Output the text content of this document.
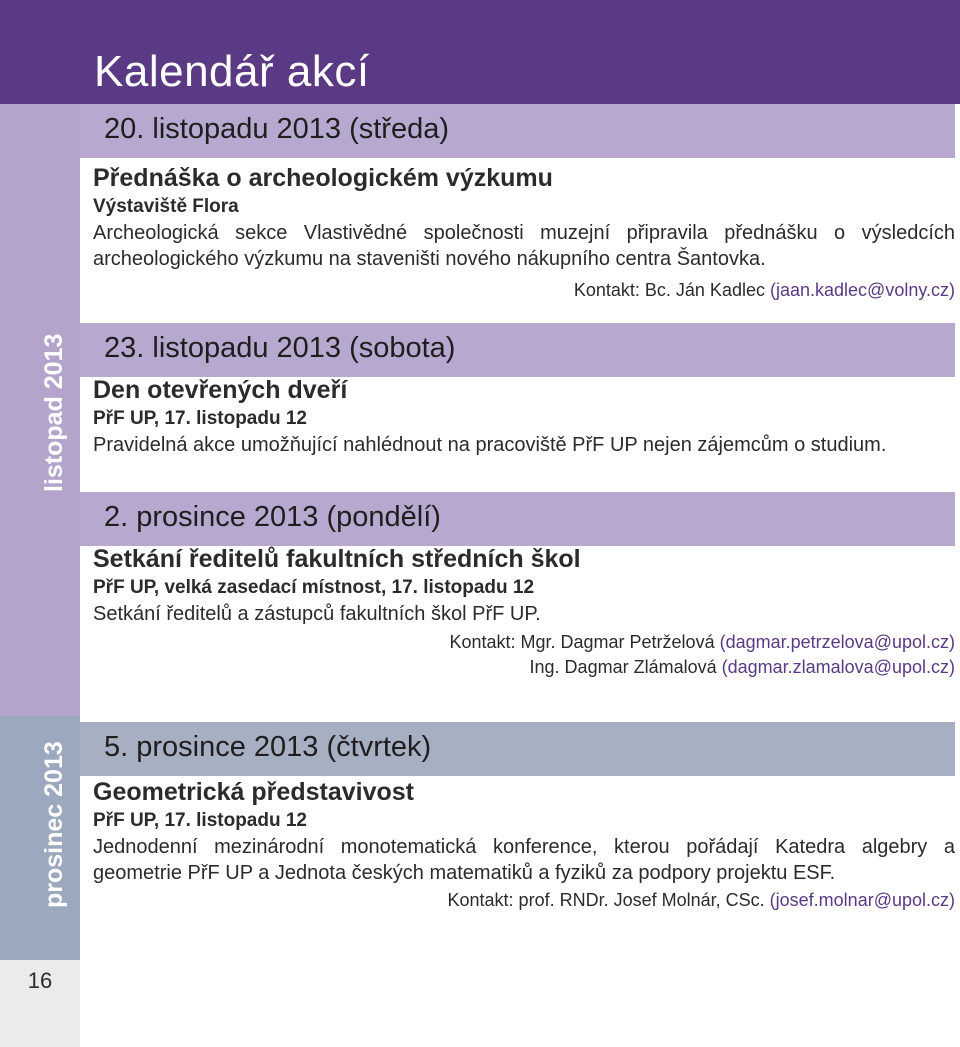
Kalendář akcí
listopad 2013
prosinec 2013
16
20. listopadu 2013 (středa)

Přednáška o archeologickém výzkumu

Výstaviště Flora

Archeologická sekce Vlastivědné společnosti muzejní připravila přednášku o výsledcích archeologického výzkumu na staveništi nového nákupního centra Šantovka.

Kontakt: Bc. Ján Kadlec (jaan.kadlec@volny.cz)

23. listopadu 2013 (sobota)

Den otevřených dveří

PřF UP, 17. listopadu 12

Pravidelná akce umožňující nahlédnout na pracoviště PřF UP nejen zájemcům o studium.

2. prosince 2013 (pondělí)

Setkání ředitelů fakultních středních škol

PřF UP, velká zasedací místnost, 17. listopadu 12

Setkání ředitelů a zástupců fakultních škol PřF UP.

Kontakt: Mgr. Dagmar Petrželová (dagmar.petrzelova@upol.cz)

Ing. Dagmar Zlámalová (dagmar.zlamalova@upol.cz)

5. prosince 2013 (čtvrtek)

Geometrická představivost

PřF UP, 17. listopadu 12

Jednodenní mezinárodní monotematická konference, kterou pořádají Katedra algebry a geometrie PřF UP a Jednota českých matematiků a fyziků za podpory projektu ESF.

Kontakt: prof. RNDr. Josef Molnár, CSc. (josef.molnar@upol.cz)
